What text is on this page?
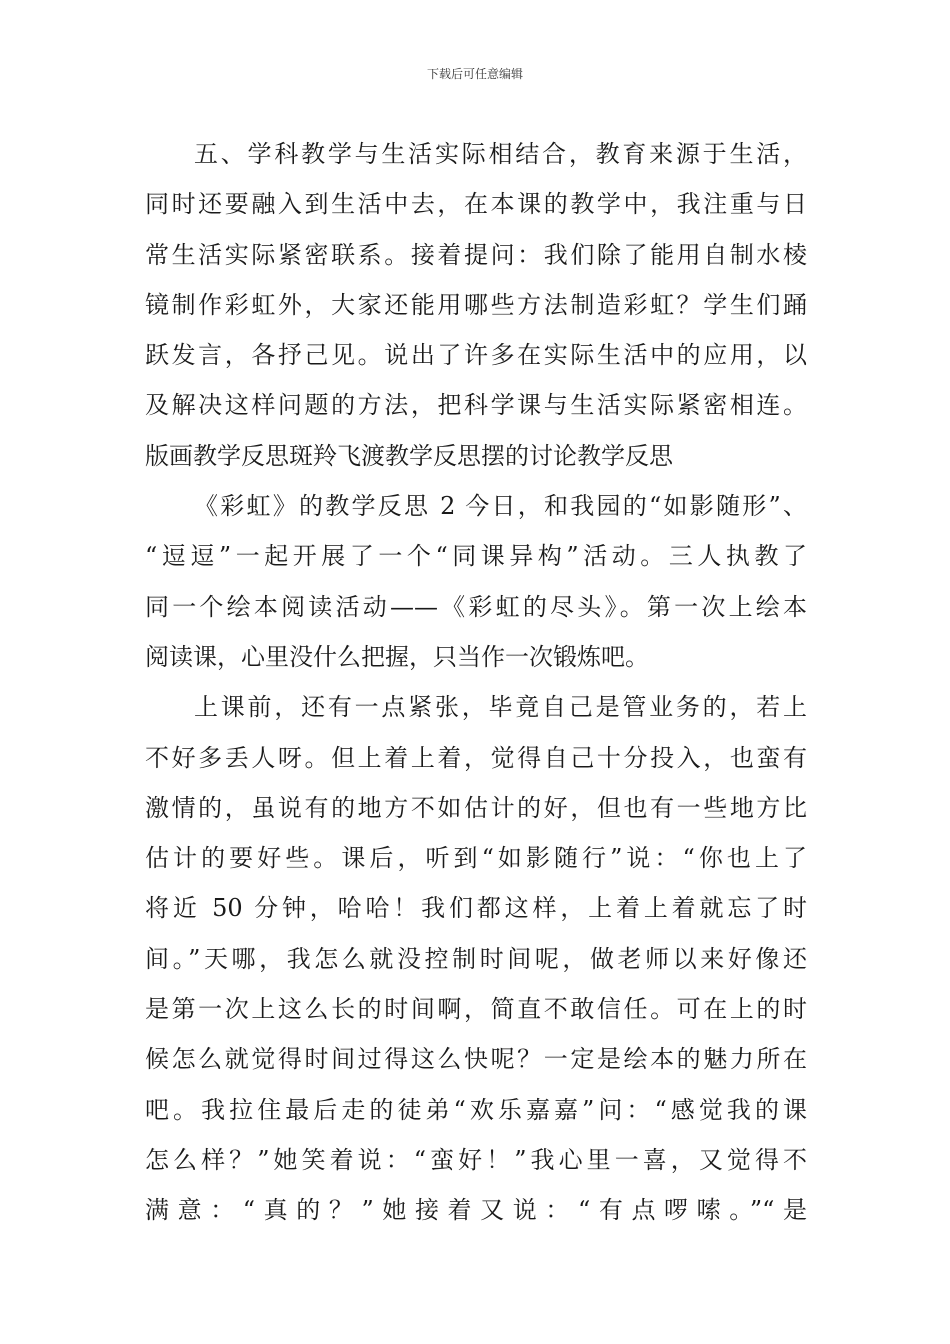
下载后可任意编辑
五、学科教学与生活实际相结合，教育来源于生活，
同时还要融入到生活中去，在本课的教学中，我注重与日
常生活实际紧密联系。接着提问：我们除了能用自制水棱
镜制作彩虹外，大家还能用哪些方法制造彩虹？学生们踊
跃发言，各抒己见。说出了许多在实际生活中的应用，以
及解决这样问题的方法，把科学课与生活实际紧密相连。
版画教学反思斑羚飞渡教学反思摆的讨论教学反思
《彩虹》的教学反思 2 今日，和我园的“如影随形”、
“逗逗”一起开展了一个“同课异构”活动。三人执教了
同一个绘本阅读活动——《彩虹的尽头》。第一次上绘本
阅读课，心里没什么把握，只当作一次锻炼吧。
上课前，还有一点紧张，毕竟自己是管业务的，若上
不好多丢人呀。但上着上着，觉得自己十分投入，也蛮有
激情的，虽说有的地方不如估计的好，但也有一些地方比
估计的要好些。课后，听到“如影随行”说：“你也上了
将近 50 分钟，哈哈！我们都这样，上着上着就忘了时
间。”天哪，我怎么就没控制时间呢，做老师以来好像还
是第一次上这么长的时间啊，简直不敢信任。可在上的时
候怎么就觉得时间过得这么快呢？一定是绘本的魅力所在
吧。我拉住最后走的徒弟“欢乐嘉嘉”问：“感觉我的课
怎么样？”她笑着说：“蛮好！”我心里一喜，又觉得不
满意：“真的？”她接着又说：“有点啰嗦。”“是
